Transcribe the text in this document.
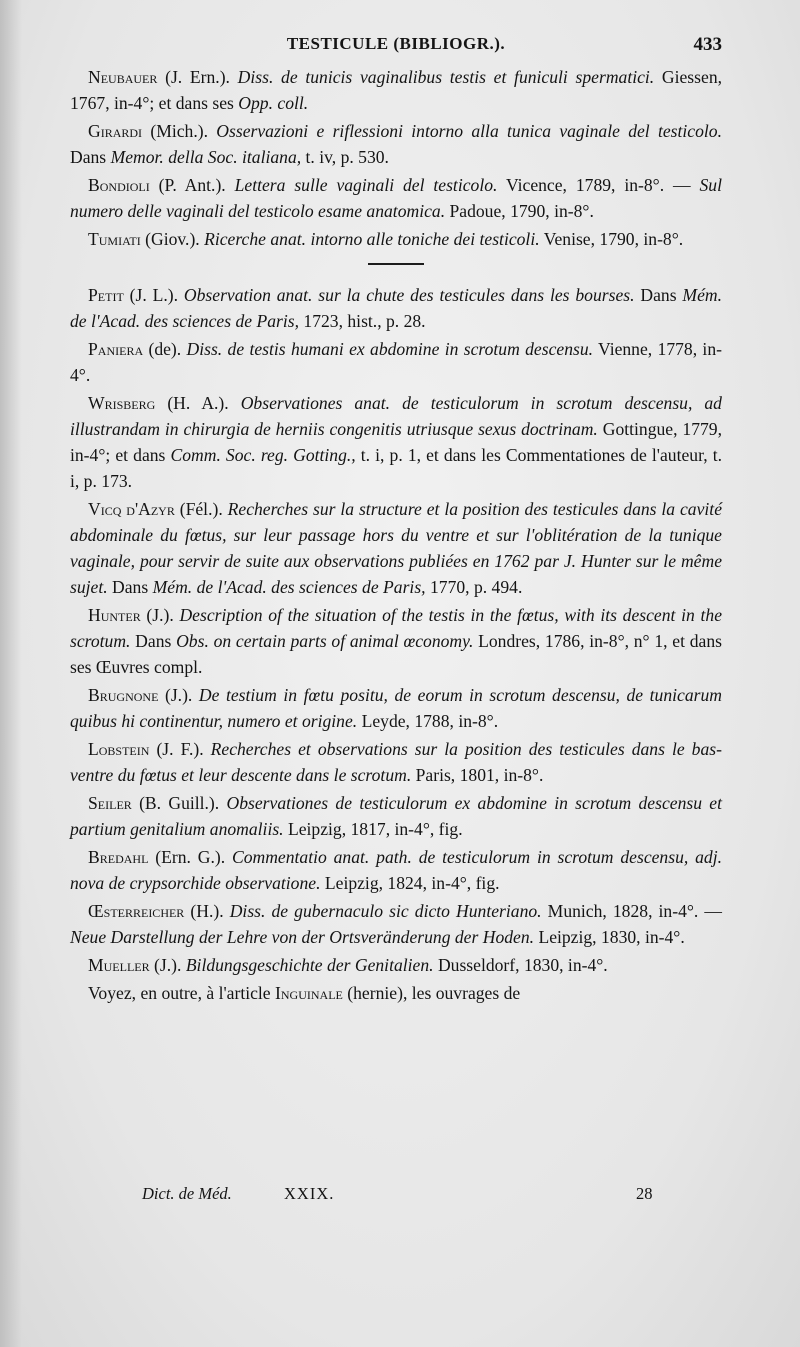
TESTICULE (BIBLIOGR.).	433

Neubauer (J. Ern.). Diss. de tunicis vaginalibus testis et funiculi spermatici. Giessen, 1767, in-4°; et dans ses Opp. coll.

Girardi (Mich.). Osservazioni e riflessioni intorno alla tunica vaginale del testicolo. Dans Memor. della Soc. italiana, t. iv, p. 530.

Bondioli (P. Ant.). Lettera sulle vaginali del testicolo. Vicence, 1789, in-8°. — Sul numero delle vaginali del testicolo esame anatomica. Padoue, 1790, in-8°.

Tumiati (Giov.). Ricerche anat. intorno alle toniche dei testicoli. Venise, 1790, in-8°.

Petit (J. L.). Observation anat. sur la chute des testicules dans les bourses. Dans Mém. de l'Acad. des sciences de Paris, 1723, hist., p. 28.

Paniera (de). Diss. de testis humani ex abdomine in scrotum descensu. Vienne, 1778, in-4°.

Wrisberg (H. A.). Observationes anat. de testiculorum in scrotum descensu, ad illustrandam in chirurgia de herniis congenitis utriusque sexus doctrinam. Gottingue, 1779, in-4°; et dans Comm. Soc. reg. Gotting., t. i, p. 1, et dans les Commentationes de l'auteur, t. i, p. 173.

Vicq d'Azyr (Fél.). Recherches sur la structure et la position des testicules dans la cavité abdominale du fœtus, sur leur passage hors du ventre et sur l'oblitération de la tunique vaginale, pour servir de suite aux observations publiées en 1762 par J. Hunter sur le même sujet. Dans Mém. de l'Acad. des sciences de Paris, 1770, p. 494.

Hunter (J.). Description of the situation of the testis in the fœtus, with its descent in the scrotum. Dans Obs. on certain parts of animal œconomy. Londres, 1786, in-8°, n° 1, et dans ses Œuvres compl.

Brugnone (J.). De testium in fœtu positu, de eorum in scrotum descensu, de tunicarum quibus hi continentur, numero et origine. Leyde, 1788, in-8°.

Lobstein (J. F.). Recherches et observations sur la position des testicules dans le bas-ventre du fœtus et leur descente dans le scrotum. Paris, 1801, in-8°.

Seiler (B. Guill.). Observationes de testiculorum ex abdomine in scrotum descensu et partium genitalium anomaliis. Leipzig, 1817, in-4°, fig.

Bredahl (Ern. G.). Commentatio anat. path. de testiculorum in scrotum descensu, adj. nova de crypsorchide observatione. Leipzig, 1824, in-4°, fig.

Œsterreicher (H.). Diss. de gubernaculo sic dicto Hunteriano. Munich, 1828, in-4°. — Neue Darstellung der Lehre von der Ortsveränderung der Hoden. Leipzig, 1830, in-4°.

Mueller (J.). Bildungsgeschichte der Genitalien. Dusseldorf, 1830, in-4°.

Voyez, en outre, à l'article Inguinale (hernie), les ouvrages de

Dict. de Méd.	XXIX.	28
